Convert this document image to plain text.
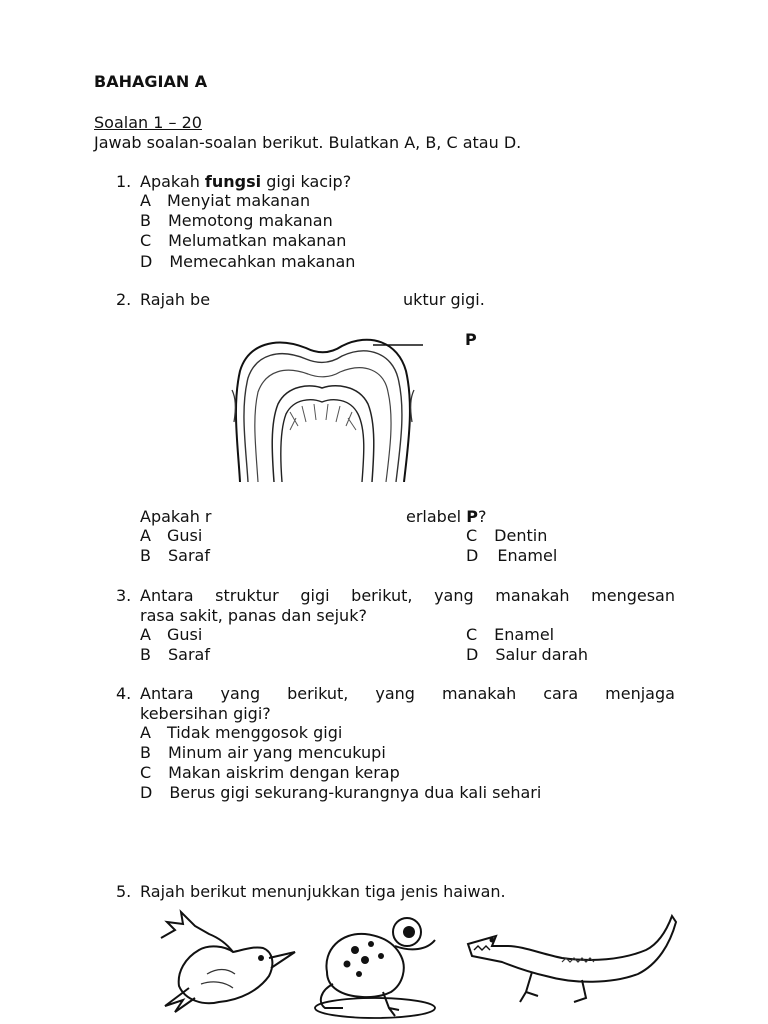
BAHAGIAN A
Soalan 1 – 20
Jawab soalan-soalan berikut. Bulatkan A, B, C atau D.
1. Apakah fungsi gigi kacip?
A Menyiat makanan
B Memotong makanan
C Melumatkan makanan
D Memecahkan makanan
2. Rajah be	uktur gigi.
P
Apakah r	erlabel P?
A Gusi	C Dentin
B Saraf	D Enamel
3. Antara struktur gigi berikut, yang manakah mengesan
rasa sakit, panas dan sejuk?
A Gusi	C Enamel
B Saraf	D Salur darah
4. Antara yang berikut, yang manakah cara menjaga
kebersihan gigi?
A Tidak menggosok gigi
B Minum air yang mencukupi
C Makan aiskrim dengan kerap
D Berus gigi sekurang-kurangnya dua kali sehari
5. Rajah berikut menunjukkan tiga jenis haiwan.
